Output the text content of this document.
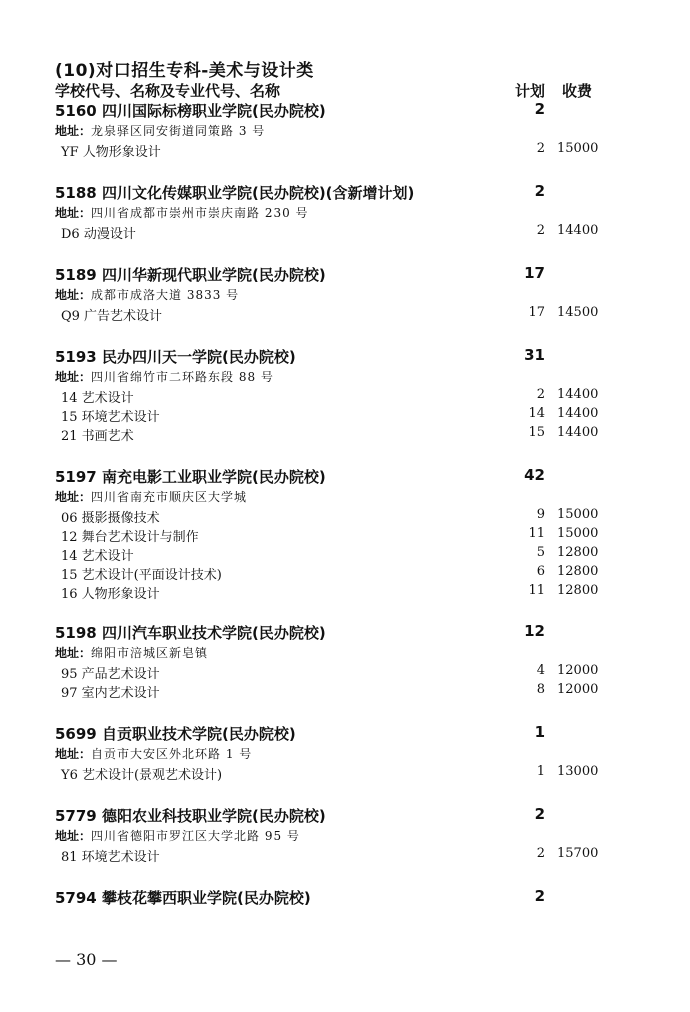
(10)对口招生专科-美术与设计类
学校代号、名称及专业代号、名称	计划 收费
5160 四川国际标榜职业学院(民办院校)	2
地址：龙泉驿区同安街道同策路 3 号
YF 人物形象设计	2 15000
5188 四川文化传媒职业学院(民办院校)(含新增计划)	2
地址：四川省成都市崇州市崇庆南路 230 号
D6 动漫设计	2 14400
5189 四川华新现代职业学院(民办院校)	17
地址：成都市成洛大道 3833 号
Q9 广告艺术设计	17 14500
5193 民办四川天一学院(民办院校)	31
地址：四川省绵竹市二环路东段 88 号
14 艺术设计	2 14400
15 环境艺术设计	14 14400
21 书画艺术	15 14400
5197 南充电影工业职业学院(民办院校)	42
地址：四川省南充市顺庆区大学城
06 摄影摄像技术	9 15000
12 舞台艺术设计与制作	11 15000
14 艺术设计	5 12800
15 艺术设计(平面设计技术)	6 12800
16 人物形象设计	11 12800
5198 四川汽车职业技术学院(民办院校)	12
地址：绵阳市涪城区新皂镇
95 产品艺术设计	4 12000
97 室内艺术设计	8 12000
5699 自贡职业技术学院(民办院校)	1
地址：自贡市大安区外北环路 1 号
Y6 艺术设计(景观艺术设计)	1 13000
5779 德阳农业科技职业学院(民办院校)	2
地址：四川省德阳市罗江区大学北路 95 号
81 环境艺术设计	2 15700
5794 攀枝花攀西职业学院(民办院校)	2
— 30 —
